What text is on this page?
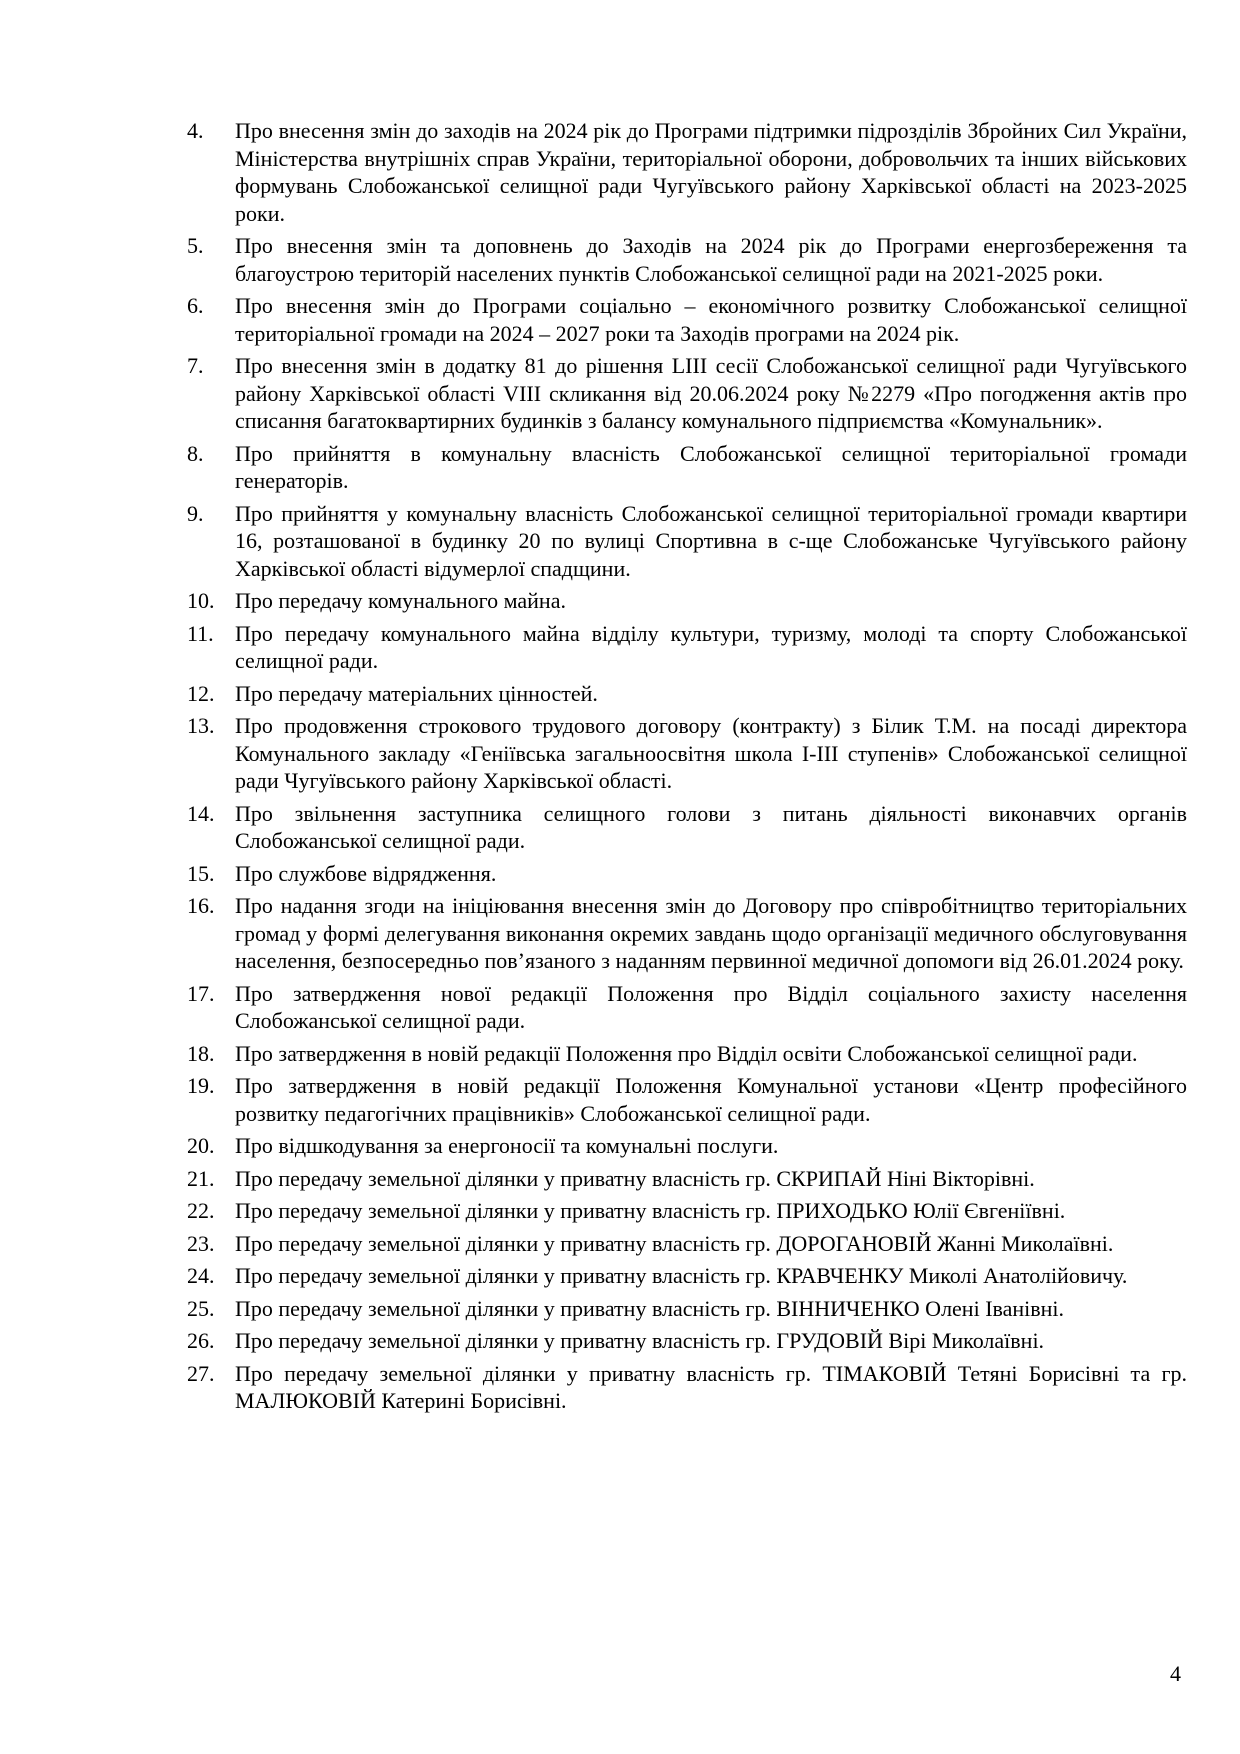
4.	Про внесення змін до заходів на 2024 рік до Програми підтримки підрозділів Збройних Сил України, Міністерства внутрішніх справ України, територіальної оборони, добровольчих та інших військових формувань Слобожанської селищної ради Чугуївського району Харківської області на 2023-2025 роки.
5.	Про внесення змін та доповнень до Заходів на 2024 рік до Програми енергозбереження та благоустрою територій населених пунктів Слобожанської селищної ради на 2021-2025 роки.
6.	Про внесення змін до Програми соціально – економічного розвитку Слобожанської селищної територіальної громади на 2024 – 2027 роки та Заходів програми на 2024 рік.
7.	Про внесення змін в додатку 81 до рішення LIII сесії Слобожанської селищної ради Чугуївського району Харківської області VIII скликання від 20.06.2024 року №2279 «Про погодження актів про списання багатоквартирних будинків з балансу комунального підприємства «Комунальник».
8.	Про прийняття в комунальну власність Слобожанської селищної територіальної громади генераторів.
9.	Про прийняття у комунальну власність Слобожанської селищної територіальної громади квартири 16, розташованої в будинку 20 по вулиці Спортивна в с-ще Слобожанське Чугуївського району Харківської області відумерлої спадщини.
10. Про передачу комунального майна.
11. Про передачу комунального майна відділу культури, туризму, молоді та спорту Слобожанської селищної ради.
12. Про передачу матеріальних цінностей.
13. Про продовження строкового трудового договору (контракту) з Білик Т.М. на посаді директора Комунального закладу «Геніївська загальноосвітня школа I-III ступенів» Слобожанської селищної ради Чугуївського району Харківської області.
14. Про звільнення заступника селищного голови з питань діяльності виконавчих органів Слобожанської селищної ради.
15. Про службове відрядження.
16. Про надання згоди на ініціювання внесення змін до Договору про співробітництво територіальних громад у формі делегування виконання окремих завдань щодо організації медичного обслуговування населення, безпосередньо пов’язаного з наданням первинної медичної допомоги від 26.01.2024 року.
17. Про затвердження нової редакції Положення про Відділ соціального захисту населення Слобожанської селищної ради.
18. Про затвердження в новій редакції Положення про Відділ освіти Слобожанської селищної ради.
19. Про затвердження в новій редакції Положення Комунальної установи «Центр професійного розвитку педагогічних працівників» Слобожанської селищної ради.
20. Про відшкодування за енергоносії та комунальні послуги.
21. Про передачу земельної ділянки у приватну власність гр. СКРИПАЙ Ніні Вікторівні.
22. Про передачу земельної ділянки у приватну власність гр. ПРИХОДЬКО Юлії Євгеніївні.
23. Про передачу земельної ділянки у приватну власність гр. ДОРОГАНОВІЙ Жанні Миколаївні.
24. Про передачу земельної ділянки у приватну власність гр. КРАВЧЕНКУ Миколі Анатолійовичу.
25. Про передачу земельної ділянки у приватну власність гр. ВІННИЧЕНКО Олені Іванівні.
26. Про передачу земельної ділянки у приватну власність гр. ГРУДОВІЙ Вірі Миколаївні.
27. Про передачу земельної ділянки у приватну власність гр. ТІМАКОВІЙ Тетяні Борисівні та гр. МАЛЮКОВІЙ Катерині Борисівні.
4
